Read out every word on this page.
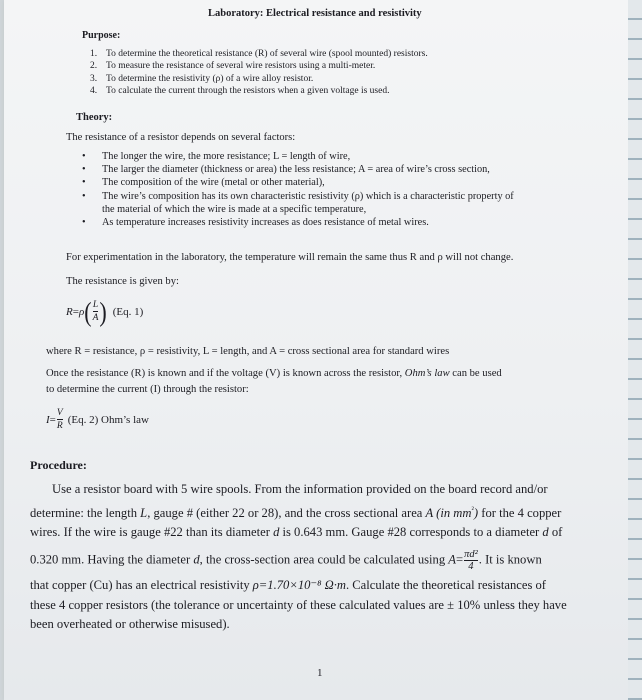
Laboratory: Electrical resistance and resistivity
Purpose:
1. To determine the theoretical resistance (R) of several wire (spool mounted) resistors.
2. To measure the resistance of several wire resistors using a multi-meter.
3. To determine the resistivity (ρ) of a wire alloy resistor.
4. To calculate the current through the resistors when a given voltage is used.
Theory:
The resistance of a resistor depends on several factors:
• The longer the wire, the more resistance; L = length of wire,
• The larger the diameter (thickness or area) the less resistance; A = area of wire’s cross section,
• The composition of the wire (metal or other material),
• The wire’s composition has its own characteristic resistivity (ρ) which is a characteristic property of
the material of which the wire is made at a specific temperature,
• As temperature increases resistivity increases as does resistance of metal wires.
For experimentation in the laboratory, the temperature will remain the same thus R and ρ will not change.
The resistance is given by:
R = ρ ( $\frac{L}{A}$ ) (Eq. 1)
where R = resistance, ρ = resistivity, L = length, and A = cross sectional area for standard wires
Once the resistance (R) is known and if the voltage (V) is known across the resistor, Ohm’s law can be used
to determine the current (I) through the resistor:
$I = \frac{V}{R} (Eq$. 2) Ohm’s law
Procedure:
Use a resistor board with 5 wire spools. From the information provided on the board record and/or
determine: the length L, gauge # (either 22 or 28), and the cross sectional area A (in $mm^{^2}$) for the 4 copper
wires. If the wire is gauge #22 than its diameter d is 0.643 mm. Gauge #28 corresponds to a diameter d of
0.320 mm. Having the diameter d, the cross-section area could be calculated using $A= \frac{\text{πd²}}{4}$ . It is known
that copper (Cu) has an electrical resistivity ρ=1.70×10⁻⁸ Ω·m. Calculate the theoretical resistances of
these 4 copper resistors (the tolerance or uncertainty of these calculated values are ± 10% unless they have
been overheated or otherwise misused).
1
